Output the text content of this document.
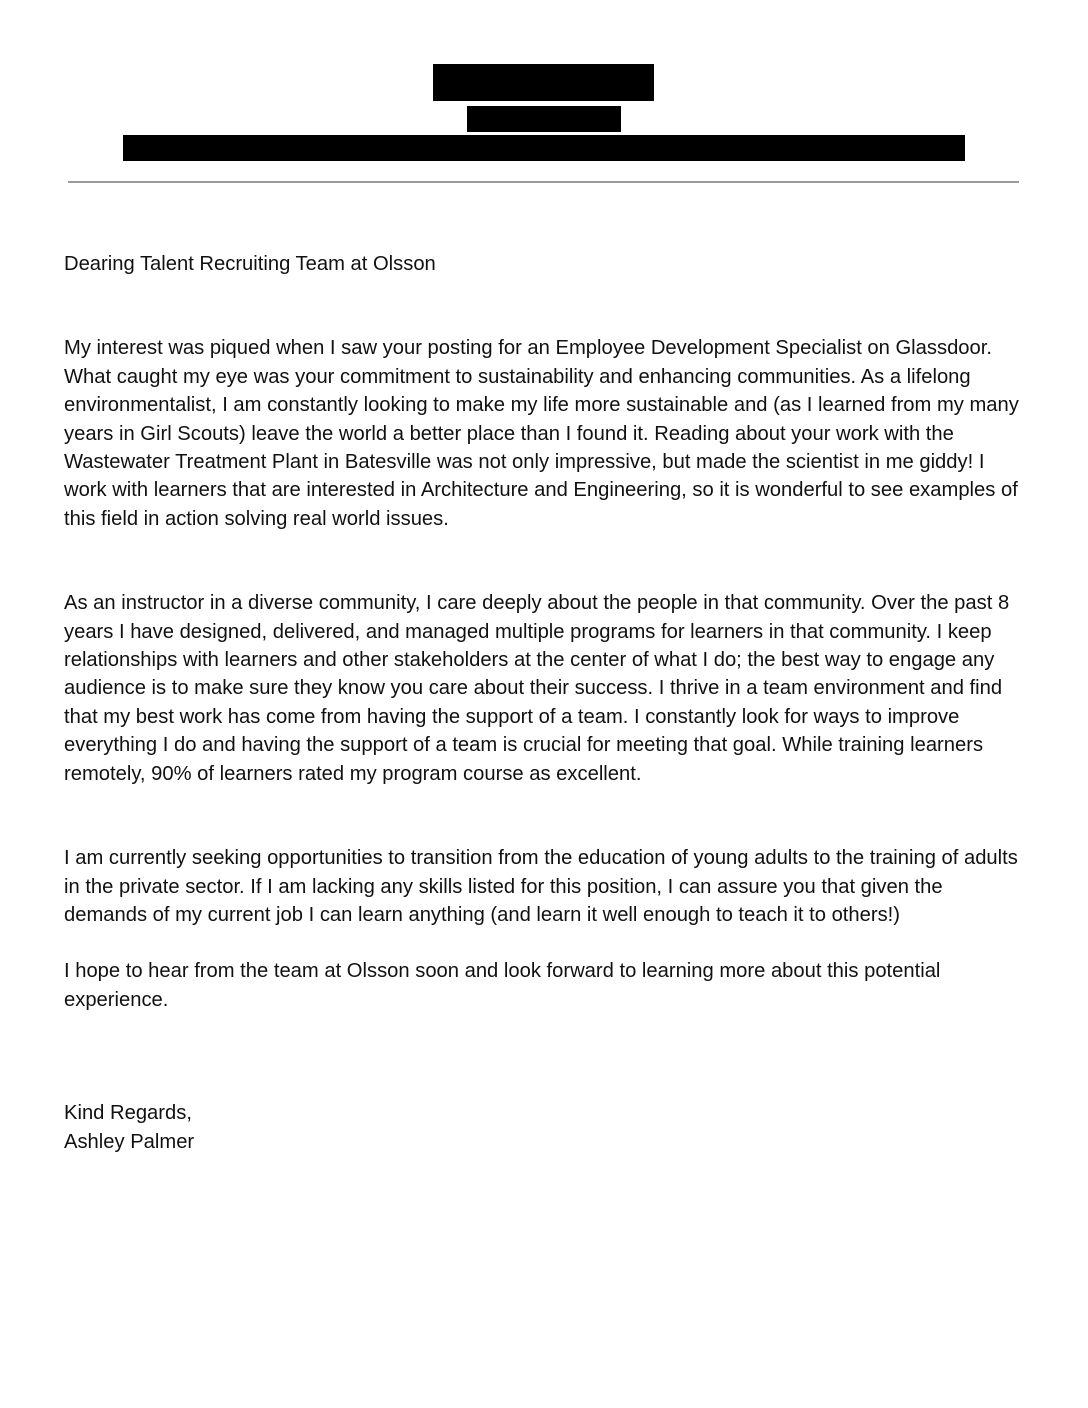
Dearing Talent Recruiting Team at Olsson

My interest was piqued when I saw your posting for an Employee Development Specialist on Glassdoor. What caught my eye was your commitment to sustainability and enhancing communities. As a lifelong environmentalist, I am constantly looking to make my life more sustainable and (as I learned from my many years in Girl Scouts) leave the world a better place than I found it. Reading about your work with the Wastewater Treatment Plant in Batesville was not only impressive, but made the scientist in me giddy! I work with learners that are interested in Architecture and Engineering, so it is wonderful to see examples of this field in action solving real world issues.

As an instructor in a diverse community, I care deeply about the people in that community. Over the past 8 years I have designed, delivered, and managed multiple programs for learners in that community. I keep relationships with learners and other stakeholders at the center of what I do; the best way to engage any audience is to make sure they know you care about their success. I thrive in a team environment and find that my best work has come from having the support of a team. I constantly look for ways to improve everything I do and having the support of a team is crucial for meeting that goal. While training learners remotely, 90% of learners rated my program course as excellent.

I am currently seeking opportunities to transition from the education of young adults to the training of adults in the private sector. If I am lacking any skills listed for this position, I can assure you that given the demands of my current job I can learn anything (and learn it well enough to teach it to others!)

I hope to hear from the team at Olsson soon and look forward to learning more about this potential experience.

Kind Regards,
Ashley Palmer
